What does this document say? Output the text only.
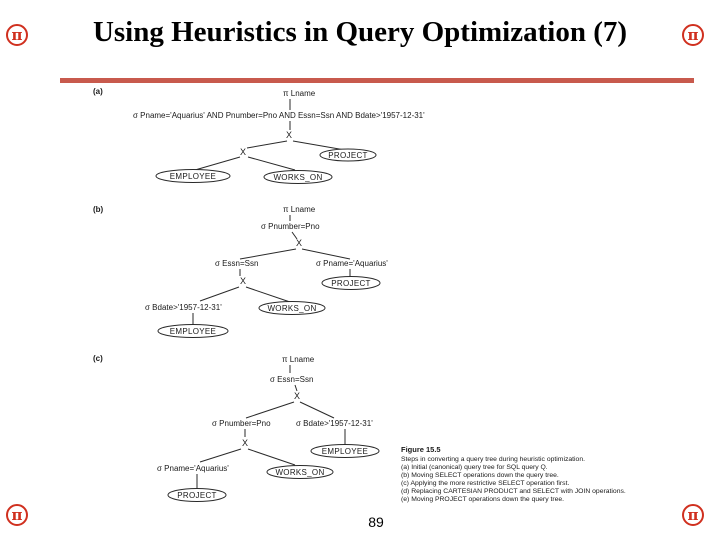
π	π
π	π
Using Heuristics in Query Optimization (7)
(a)	π Lname
σ Pname='Aquarius' AND Pnumber=Pno AND Essn=Ssn AND Bdate>'1957-12-31'
X
X	PROJECT
EMPLOYEE	WORKS_ON
(b)	π Lname
σ Pnumber=Pno
X
σ Essn=Ssn	σ Pname='Aquarius'
X	PROJECT
σ Bdate>'1957-12-31'	WORKS_ON
EMPLOYEE
(c)	π Lname
σ Essn=Ssn
X
σ Pnumber=Pno	σ Bdate>'1957-12-31'
X
EMPLOYEE
σ Pname='Aquarius'	WORKS_ON
PROJECT
Figure 15.5
Steps in converting a query tree during heuristic optimization.
(a) Initial (canonical) query tree for SQL query Q.
(b) Moving SELECT operations down the query tree.
(c) Applying the more restrictive SELECT operation first.
(d) Replacing CARTESIAN PRODUCT and SELECT with JOIN operations.
(e) Moving PROJECT operations down the query tree.
89
